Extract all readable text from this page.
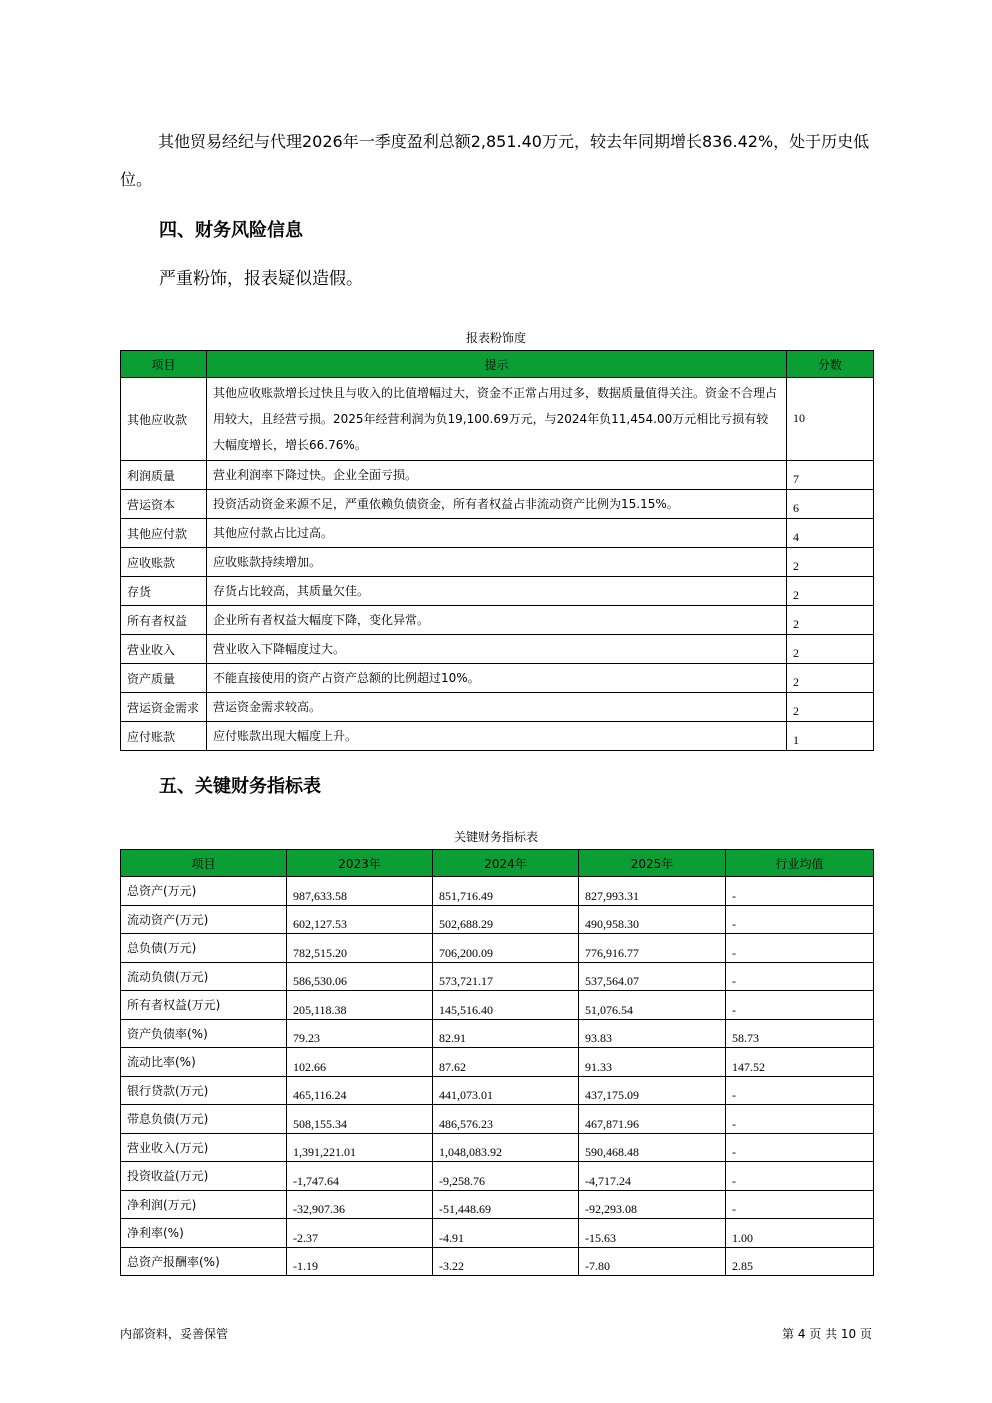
其他贸易经纪与代理2026年一季度盈利总额2,851.40万元，较去年同期增长836.42%，处于历史低位。
四、财务风险信息
严重粉饰，报表疑似造假。
报表粉饰度
项目	提示	分数
其他应收款	其他应收账款增长过快且与收入的比值增幅过大，资金不正常占用过多，数据质量值得关注。资金不合理占用较大，且经营亏损。2025年经营利润为负19,100.69万元，与2024年负11,454.00万元相比亏损有较大幅度增长，增长66.76%。	10
利润质量	营业利润率下降过快。企业全面亏损。	7
营运资本	投资活动资金来源不足，严重依赖负债资金，所有者权益占非流动资产比例为15.15%。	6
其他应付款	其他应付款占比过高。	4
应收账款	应收账款持续增加。	2
存货	存货占比较高，其质量欠佳。	2
所有者权益	企业所有者权益大幅度下降，变化异常。	2
营业收入	营业收入下降幅度过大。	2
资产质量	不能直接使用的资产占资产总额的比例超过10%。	2
营运资金需求	营运资金需求较高。	2
应付账款	应付账款出现大幅度上升。	1
五、关键财务指标表
关键财务指标表
项目	2023年	2024年	2025年	行业均值
总资产(万元)	987,633.58	851,716.49	827,993.31	-
流动资产(万元)	602,127.53	502,688.29	490,958.30	-
总负债(万元)	782,515.20	706,200.09	776,916.77	-
流动负债(万元)	586,530.06	573,721.17	537,564.07	-
所有者权益(万元)	205,118.38	145,516.40	51,076.54	-
资产负债率(%)	79.23	82.91	93.83	58.73
流动比率(%)	102.66	87.62	91.33	147.52
银行贷款(万元)	465,116.24	441,073.01	437,175.09	-
带息负债(万元)	508,155.34	486,576.23	467,871.96	-
营业收入(万元)	1,391,221.01	1,048,083.92	590,468.48	-
投资收益(万元)	-1,747.64	-9,258.76	-4,717.24	-
净利润(万元)	-32,907.36	-51,448.69	-92,293.08	-
净利率(%)	-2.37	-4.91	-15.63	1.00
总资产报酬率(%)	-1.19	-3.22	-7.80	2.85
内部资料，妥善保管	第 4 页 共 10 页
